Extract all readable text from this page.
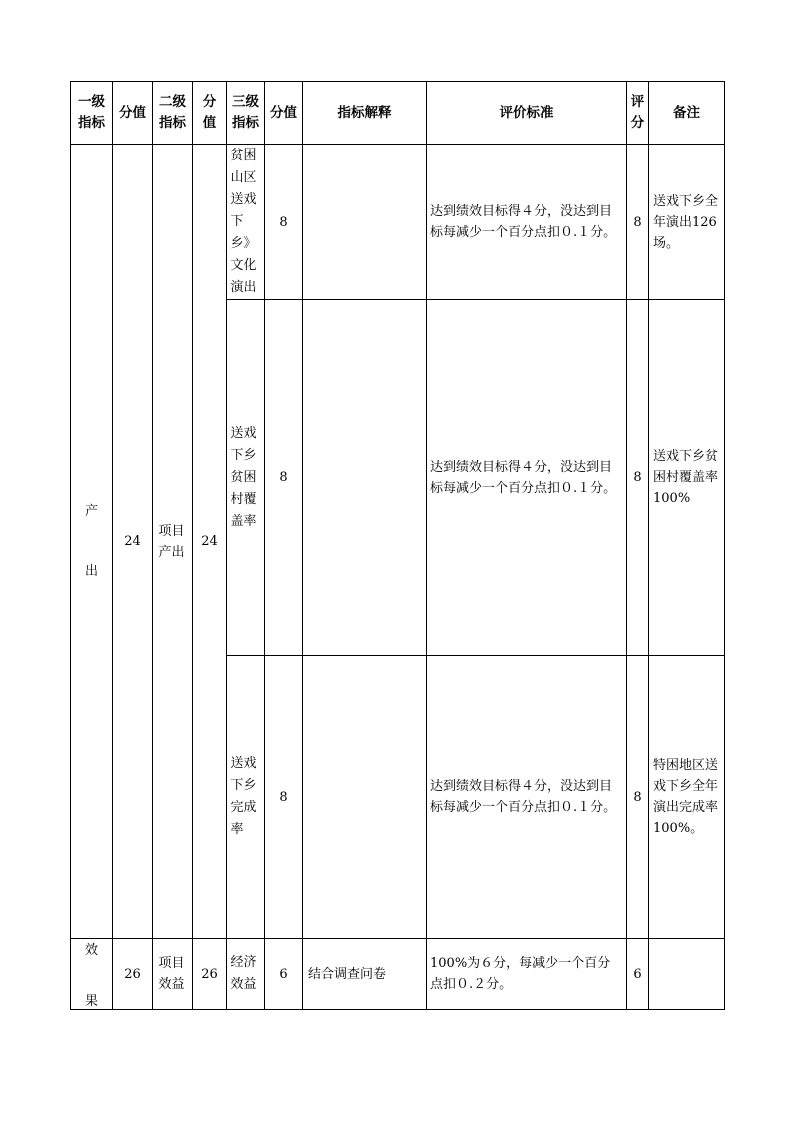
一级指标	分值	二级指标	分值	三级指标	分值	指标解释	评价标准	评分	备注

产
出	24	项目产出	24	贫困山区送戏下乡》文化演出	8		达到绩效目标得４分，没达到目标每减少一个百分点扣０.１分。	8	送戏下乡全年演出126场。
				送戏下乡贫困村覆盖率	8		达到绩效目标得４分，没达到目标每减少一个百分点扣０.１分。	8	送戏下乡贫困村覆盖率 100%
				送戏下乡完成率	8		达到绩效目标得４分，没达到目标每减少一个百分点扣０.１分。	8	特困地区送戏下乡全年演出完成率100%。

效
果	26	项目效益	26	经济效益	6	结合调查问卷	100%为６分，每减少一个百分点扣０.２分。	6	
